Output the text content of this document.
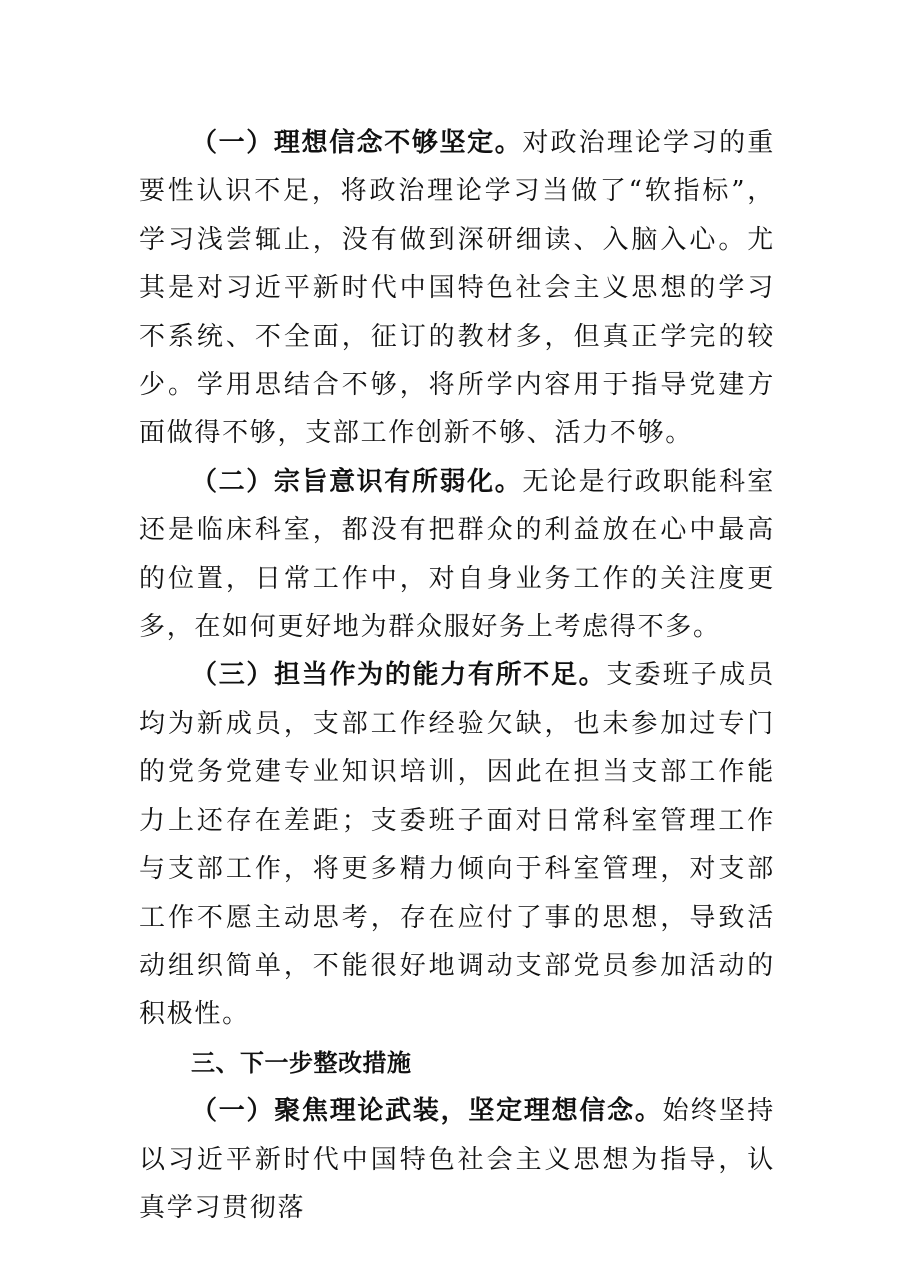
（一）理想信念不够坚定。对政治理论学习的重要性认识不足，将政治理论学习当做了“软指标”，学习浅尝辄止，没有做到深研细读、入脑入心。尤其是对习近平新时代中国特色社会主义思想的学习不系统、不全面，征订的教材多，但真正学完的较少。学用思结合不够，将所学内容用于指导党建方面做得不够，支部工作创新不够、活力不够。

（二）宗旨意识有所弱化。无论是行政职能科室还是临床科室，都没有把群众的利益放在心中最高的位置，日常工作中，对自身业务工作的关注度更多，在如何更好地为群众服好务上考虑得不多。

（三）担当作为的能力有所不足。支委班子成员均为新成员，支部工作经验欠缺，也未参加过专门的党务党建专业知识培训，因此在担当支部工作能力上还存在差距；支委班子面对日常科室管理工作与支部工作，将更多精力倾向于科室管理，对支部工作不愿主动思考，存在应付了事的思想，导致活动组织简单，不能很好地调动支部党员参加活动的积极性。

三、下一步整改措施

（一）聚焦理论武装，坚定理想信念。始终坚持以习近平新时代中国特色社会主义思想为指导，认真学习贯彻落
